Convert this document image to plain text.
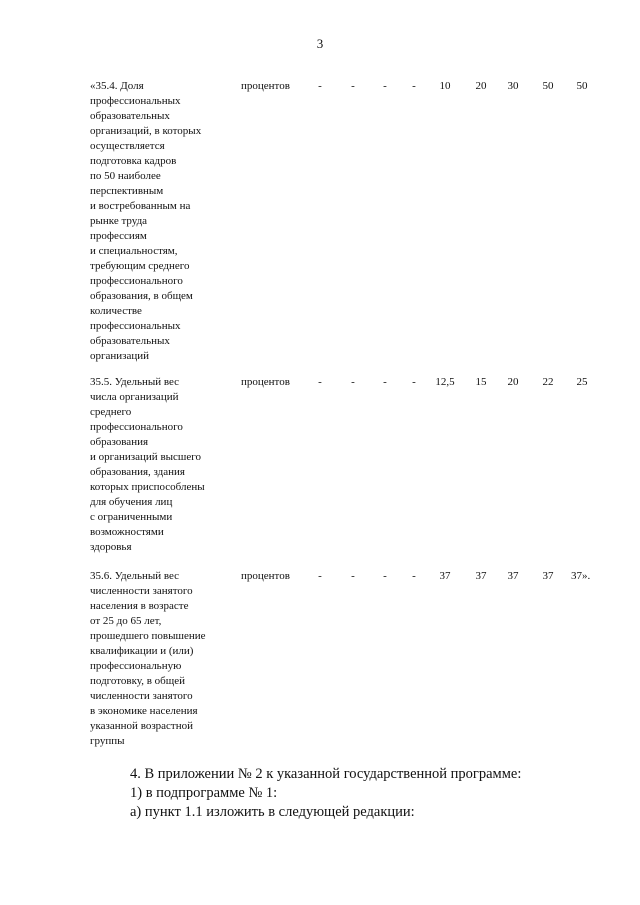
3
«35.4. Доля
профессиональных
образовательных
организаций, в которых
осуществляется
подготовка кадров
по 50 наиболее
перспективным
и востребованным на
рынке труда
профессиям
и специальностям,
требующим среднего
профессионального
образования, в общем
количестве
профессиональных
образовательных
организаций
процентов	-	-	-	-	10	20	30	50	50
35.5. Удельный вес
числа организаций
среднего
профессионального
образования
и организаций высшего
образования, здания
которых приспособлены
для обучения лиц
с ограниченными
возможностями
здоровья
процентов	-	-	-	-	12,5	15	20	22	25
35.6. Удельный вес
численности занятого
населения в возрасте
от 25 до 65 лет,
прошедшего повышение
квалификации и (или)
профессиональную
подготовку, в общей
численности занятого
в экономике населения
указанной возрастной
группы
процентов	-	-	-	-	37	37	37	37	37».

4. В приложении № 2 к указанной государственной программе:

1) в подпрограмме № 1:

а) пункт 1.1 изложить в следующей редакции:
